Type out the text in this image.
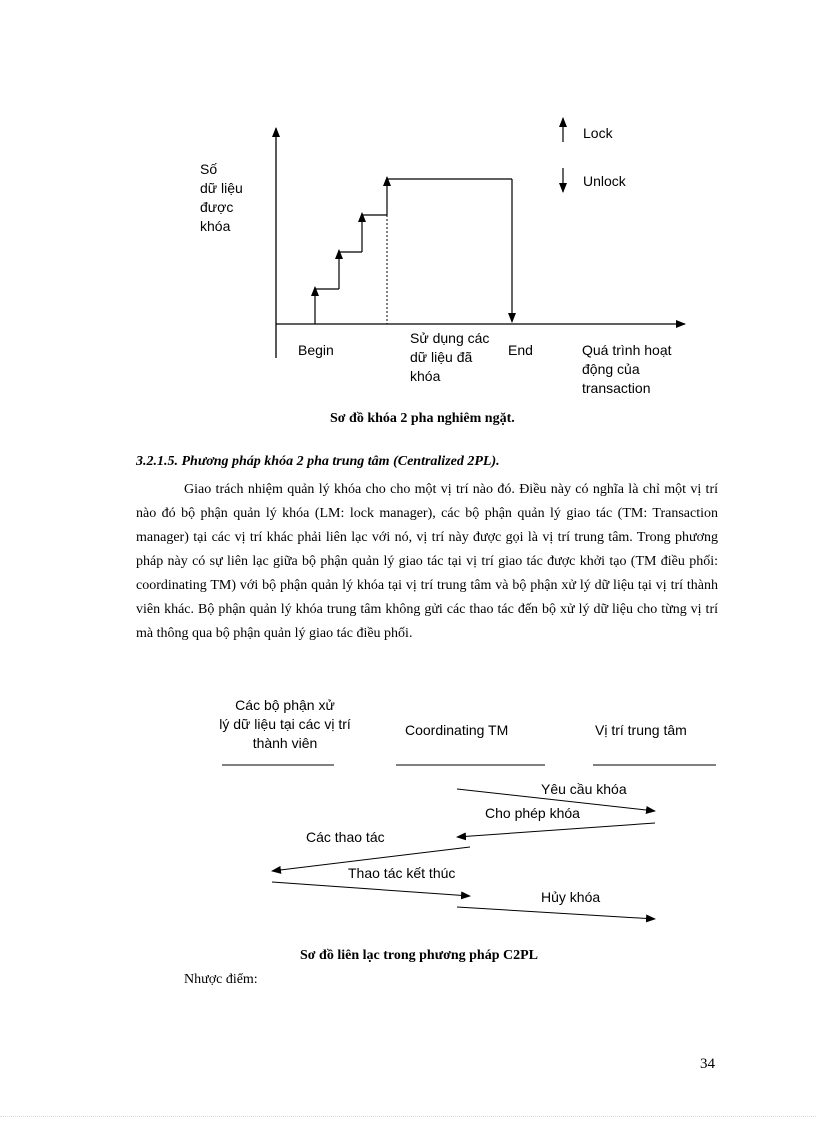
Số
dữ liệu
được
khóa
Lock
Unlock
Begin
Sử dụng các
dữ liệu đã
khóa
End	Quá trình hoạt
động của
transaction
Sơ đồ khóa 2 pha nghiêm ngặt.
3.2.1.5. Phương pháp khóa 2 pha trung tâm (Centralized 2PL).
Giao trách nhiệm quản lý khóa cho cho một vị trí nào đó. Điều này có nghĩa là chỉ một vị trí nào đó bộ phận quản lý khóa (LM: lock manager), các bộ phận quản lý giao tác (TM: Transaction manager) tại các vị trí khác phải liên lạc với nó, vị trí này được gọi là vị trí trung tâm. Trong phương pháp này có sự liên lạc giữa bộ phận quản lý giao tác tại vị trí giao tác được khởi tạo (TM điều phối: coordinating TM) với bộ phận quản lý khóa tại vị trí trung tâm và bộ phận xử lý dữ liệu tại vị trí thành viên khác. Bộ phận quản lý khóa trung tâm không gửi các thao tác đến bộ xử lý dữ liệu cho từng vị trí mà thông qua bộ phận quản lý giao tác điều phối.
Các bộ phận xử
lý dữ liệu tại các vị trí
thành viên
Coordinating TM	Vị trí trung tâm
Yêu cầu khóa
Cho phép khóa
Các thao tác
Thao tác kết thúc
Hủy khóa
Sơ đồ liên lạc trong phương pháp C2PL
Nhược điểm:
34
